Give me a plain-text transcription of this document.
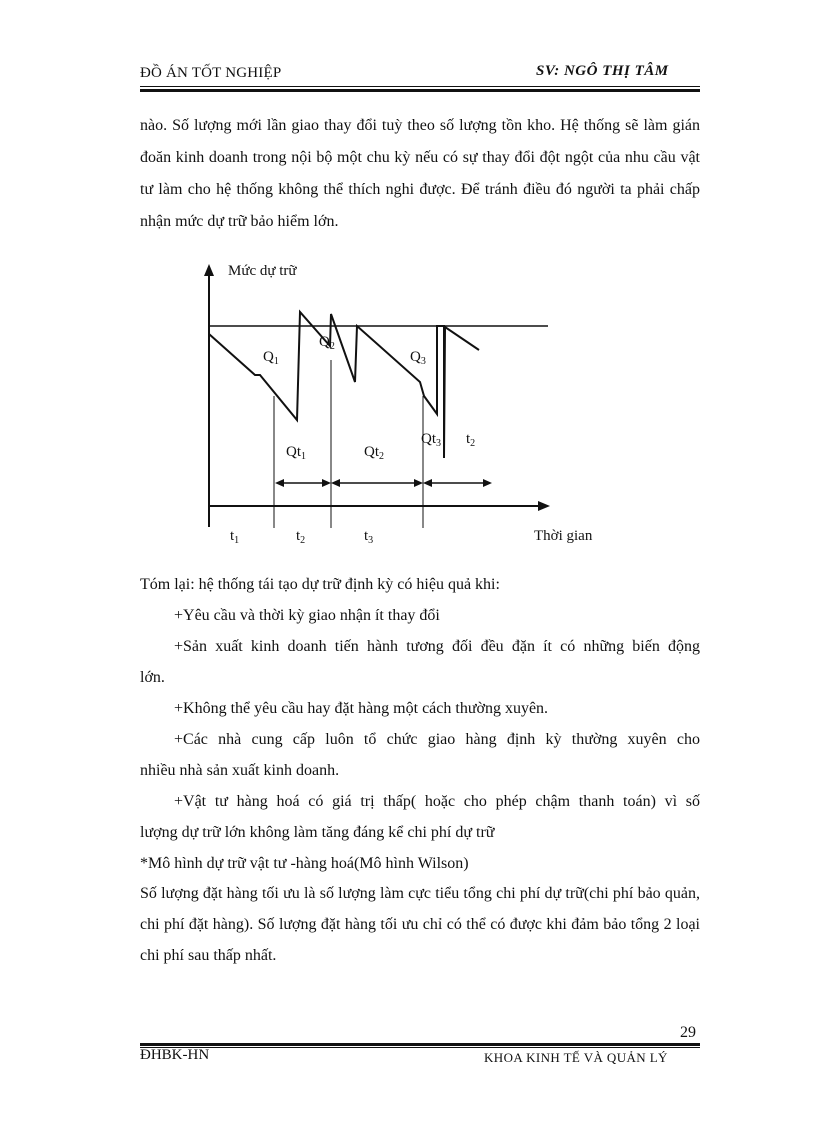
ĐỒ ÁN TỐT NGHIỆP	SV: NGÔ THỊ TÂM

nào. Số lượng mới lần giao thay đổi tuỳ theo số lượng tồn kho. Hệ thống sẽ làm gián đoăn kinh doanh trong nội bộ một chu kỳ nếu có sự thay đổi đột ngột của nhu cầu vật tư làm cho hệ thống không thể thích nghi được. Để tránh điều đó người ta phải chấp nhận mức dự trữ bảo hiểm lớn.

Mức dự trữ
Thời gian
$Q_1$
$Q_2$
$Q_3$
$Qt_1$	$Qt_2$
$Qt_3$ $t_2$
$t_1$	$t_2$	$t_3$
Tóm lại: hệ thống tái tạo dự trữ định kỳ có hiệu quả khi:
+Yêu cầu và thời kỳ giao nhận ít thay đổi
+Sản xuất kinh doanh tiến hành tương đối đều đặn ít có những biến động
lớn.
+Không thể yêu cầu hay đặt hàng một cách thường xuyên.
+Các nhà cung cấp luôn tổ chức giao hàng định kỳ thường xuyên cho
nhiều nhà sản xuất kinh doanh.
+Vật tư hàng hoá có giá trị thấp( hoặc cho phép chậm thanh toán) vì số
lượng dự trữ lớn không làm tăng đáng kể chi phí dự trữ
*Mô hình dự trữ vật tư -hàng hoá(Mô hình Wilson)

Số lượng đặt hàng tối ưu là số lượng làm cực tiểu tổng chi phí dự trữ(chi phí bảo quản, chi phí đặt hàng). Số lượng đặt hàng tối ưu chỉ có thể có được khi đảm bảo tổng 2 loại chi phí sau thấp nhất.

29
ĐHBK-HN	KHOA KINH TẾ VÀ QUẢN LÝ
